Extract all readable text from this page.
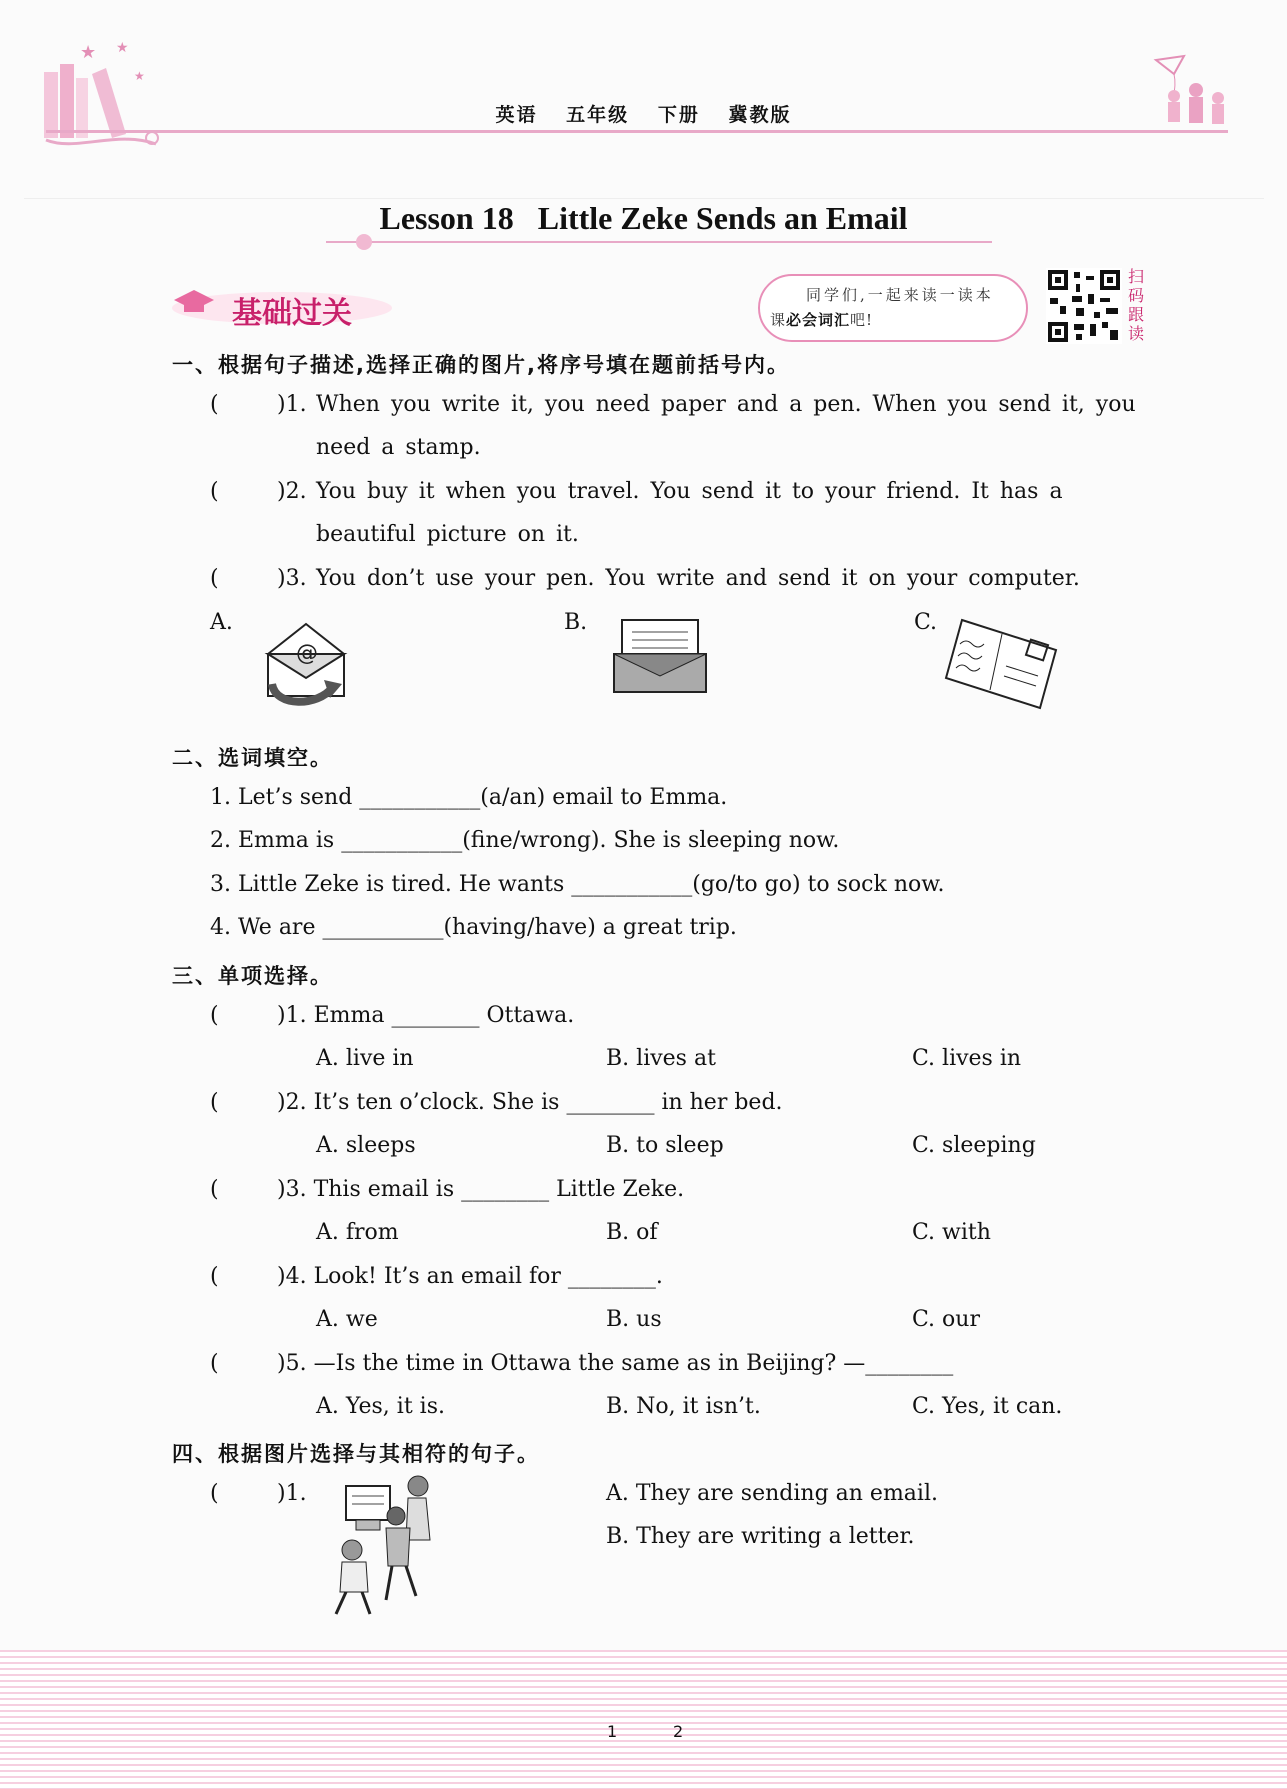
★ ★
★
英语 五年级 下册 冀教版
Lesson 18   Little Zeke Sends an Email
基础过关
同学们,一起来读一读本
课必会词汇吧!
扫
码
跟
读
一、根据句子描述,选择正确的图片,将序号填在题前括号内。
(	)1. When you write it, you need paper and a pen. When you send it, you
need a stamp.
(	)2. You buy it when you travel. You send it to your friend. It has a
beautiful picture on it.
(	)3. You don’t use your pen. You write and send it on your computer.
A.	B.	C.
@
二、选词填空。
1. Let’s send ___________(a/an) email to Emma.
2. Emma is ___________(fine/wrong). She is sleeping now.
3. Little Zeke is tired. He wants ___________(go/to go) to sock now.
4. We are ___________(having/have) a great trip.
三、单项选择。
(	)1. Emma ________ Ottawa.
A. live in	B. lives at	C. lives in
(	)2. It’s ten o’clock. She is ________ in her bed.
A. sleeps	B. to sleep	C. sleeping
(	)3. This email is ________ Little Zeke.
A. from	B. of	C. with
(	)4. Look! It’s an email for ________.
A. we	B. us	C. our
(	)5. —Is the time in Ottawa the same as in Beijing? —________
A. Yes, it is.	B. No, it isn’t.	C. Yes, it can.
四、根据图片选择与其相符的句子。
(	)1.	A. They are sending an email.
B. They are writing a letter.
1	2
